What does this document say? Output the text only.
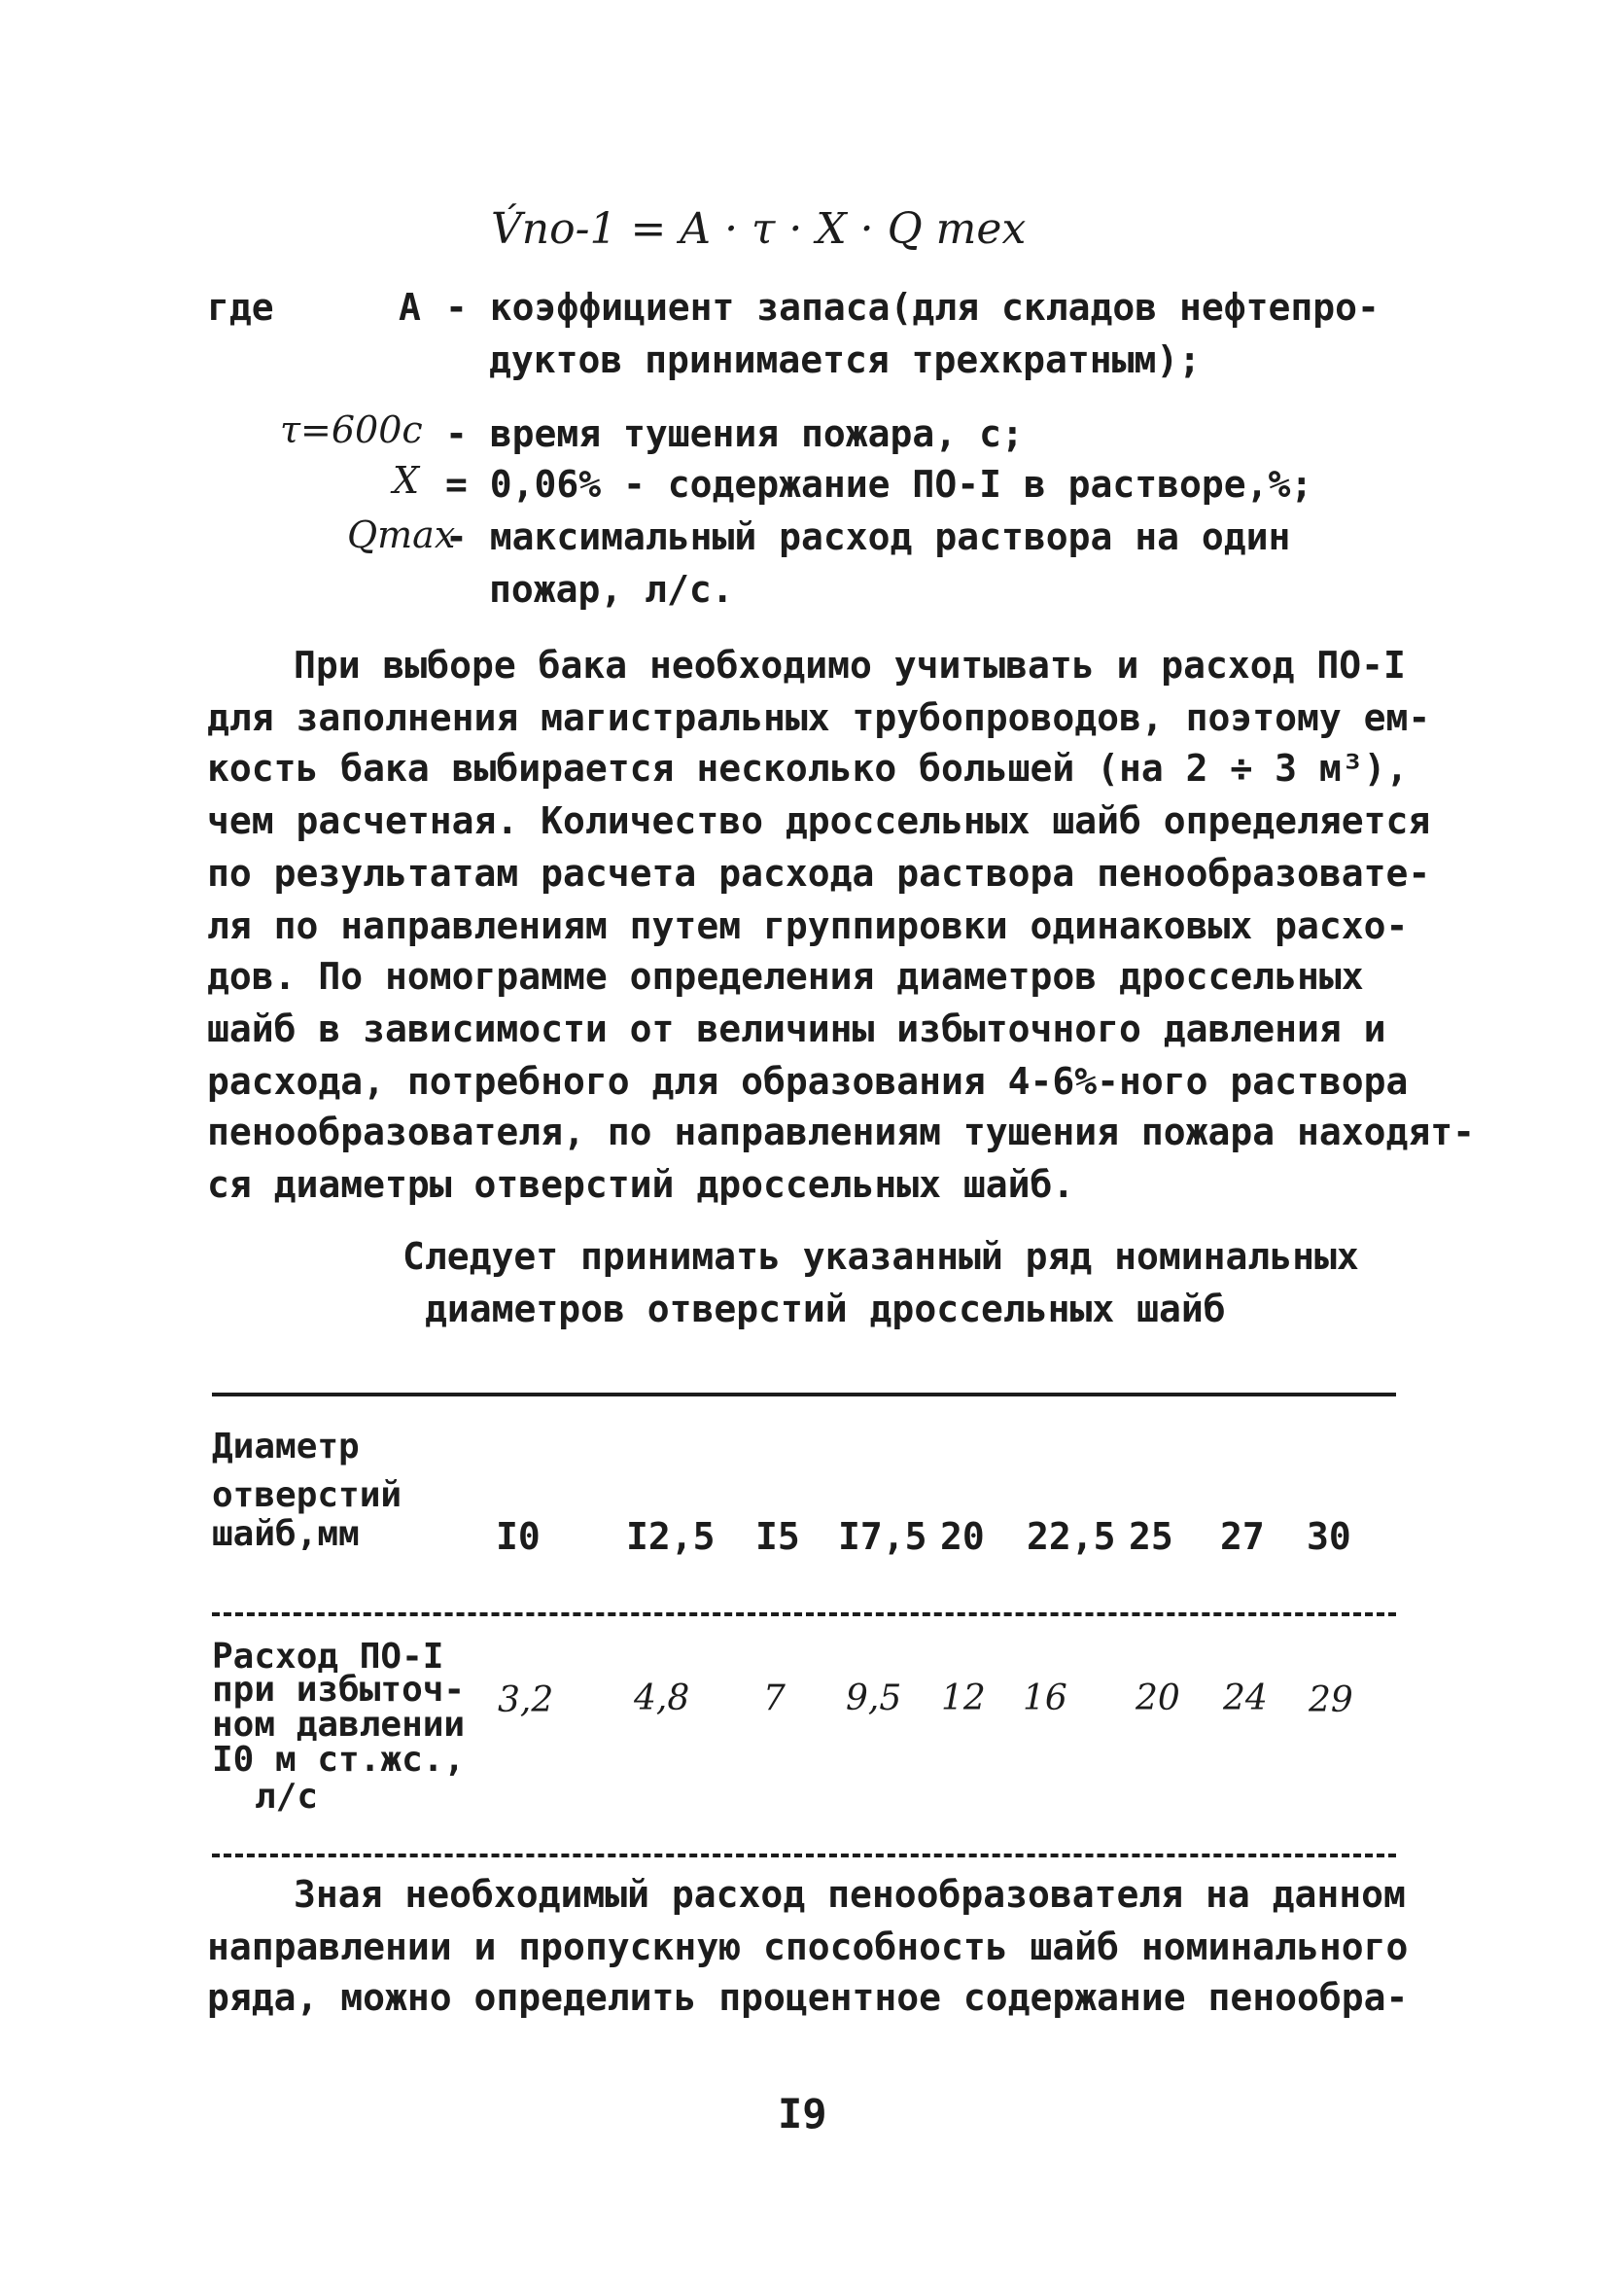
V́по-1 = A · τ · X · Q mex
где	A - коэффициент запаса(для складов нефтепро-
дуктов принимается трехкратным);
τ=600с - время тушения пожара, с;
X = 0,06% - содержание ПО-I в растворе,%;
Qmax
- максимальный расход раствора на один
пожар, л/с.
При выборе бака необходимо учитывать и расход ПО-I
для заполнения магистральных трубопроводов, поэтому ем-
кость бака выбирается несколько большей (на 2 ÷ 3 м³),
чем расчетная. Количество дроссельных шайб определяется
по результатам расчета расхода раствора пенообразовате-
ля по направлениям путем группировки одинаковых расхо-
дов. По номограмме определения диаметров дроссельных
шайб в зависимости от величины избыточного давления и
расхода, потребного для образования 4-6%-ного раствора
пенообразователя, по направлениям тушения пожара находят-
ся диаметры отверстий дроссельных шайб.
Следует принимать указанный ряд номинальных
диаметров отверстий дроссельных шайб
Диаметр
отверстий
шайб,мм	I0 I2,5 I5 I7,5 20 22,5 25 27 30
Расход ПО-I
при избыточ-
ном давлении
I0 м ст.жс.,
л/с
3,2 4,8 7 9,5 12 16 20 24 29
Зная необходимый расход пенообразователя на данном
направлении и пропускную способность шайб номинального
ряда, можно определить процентное содержание пенообра-
I9
